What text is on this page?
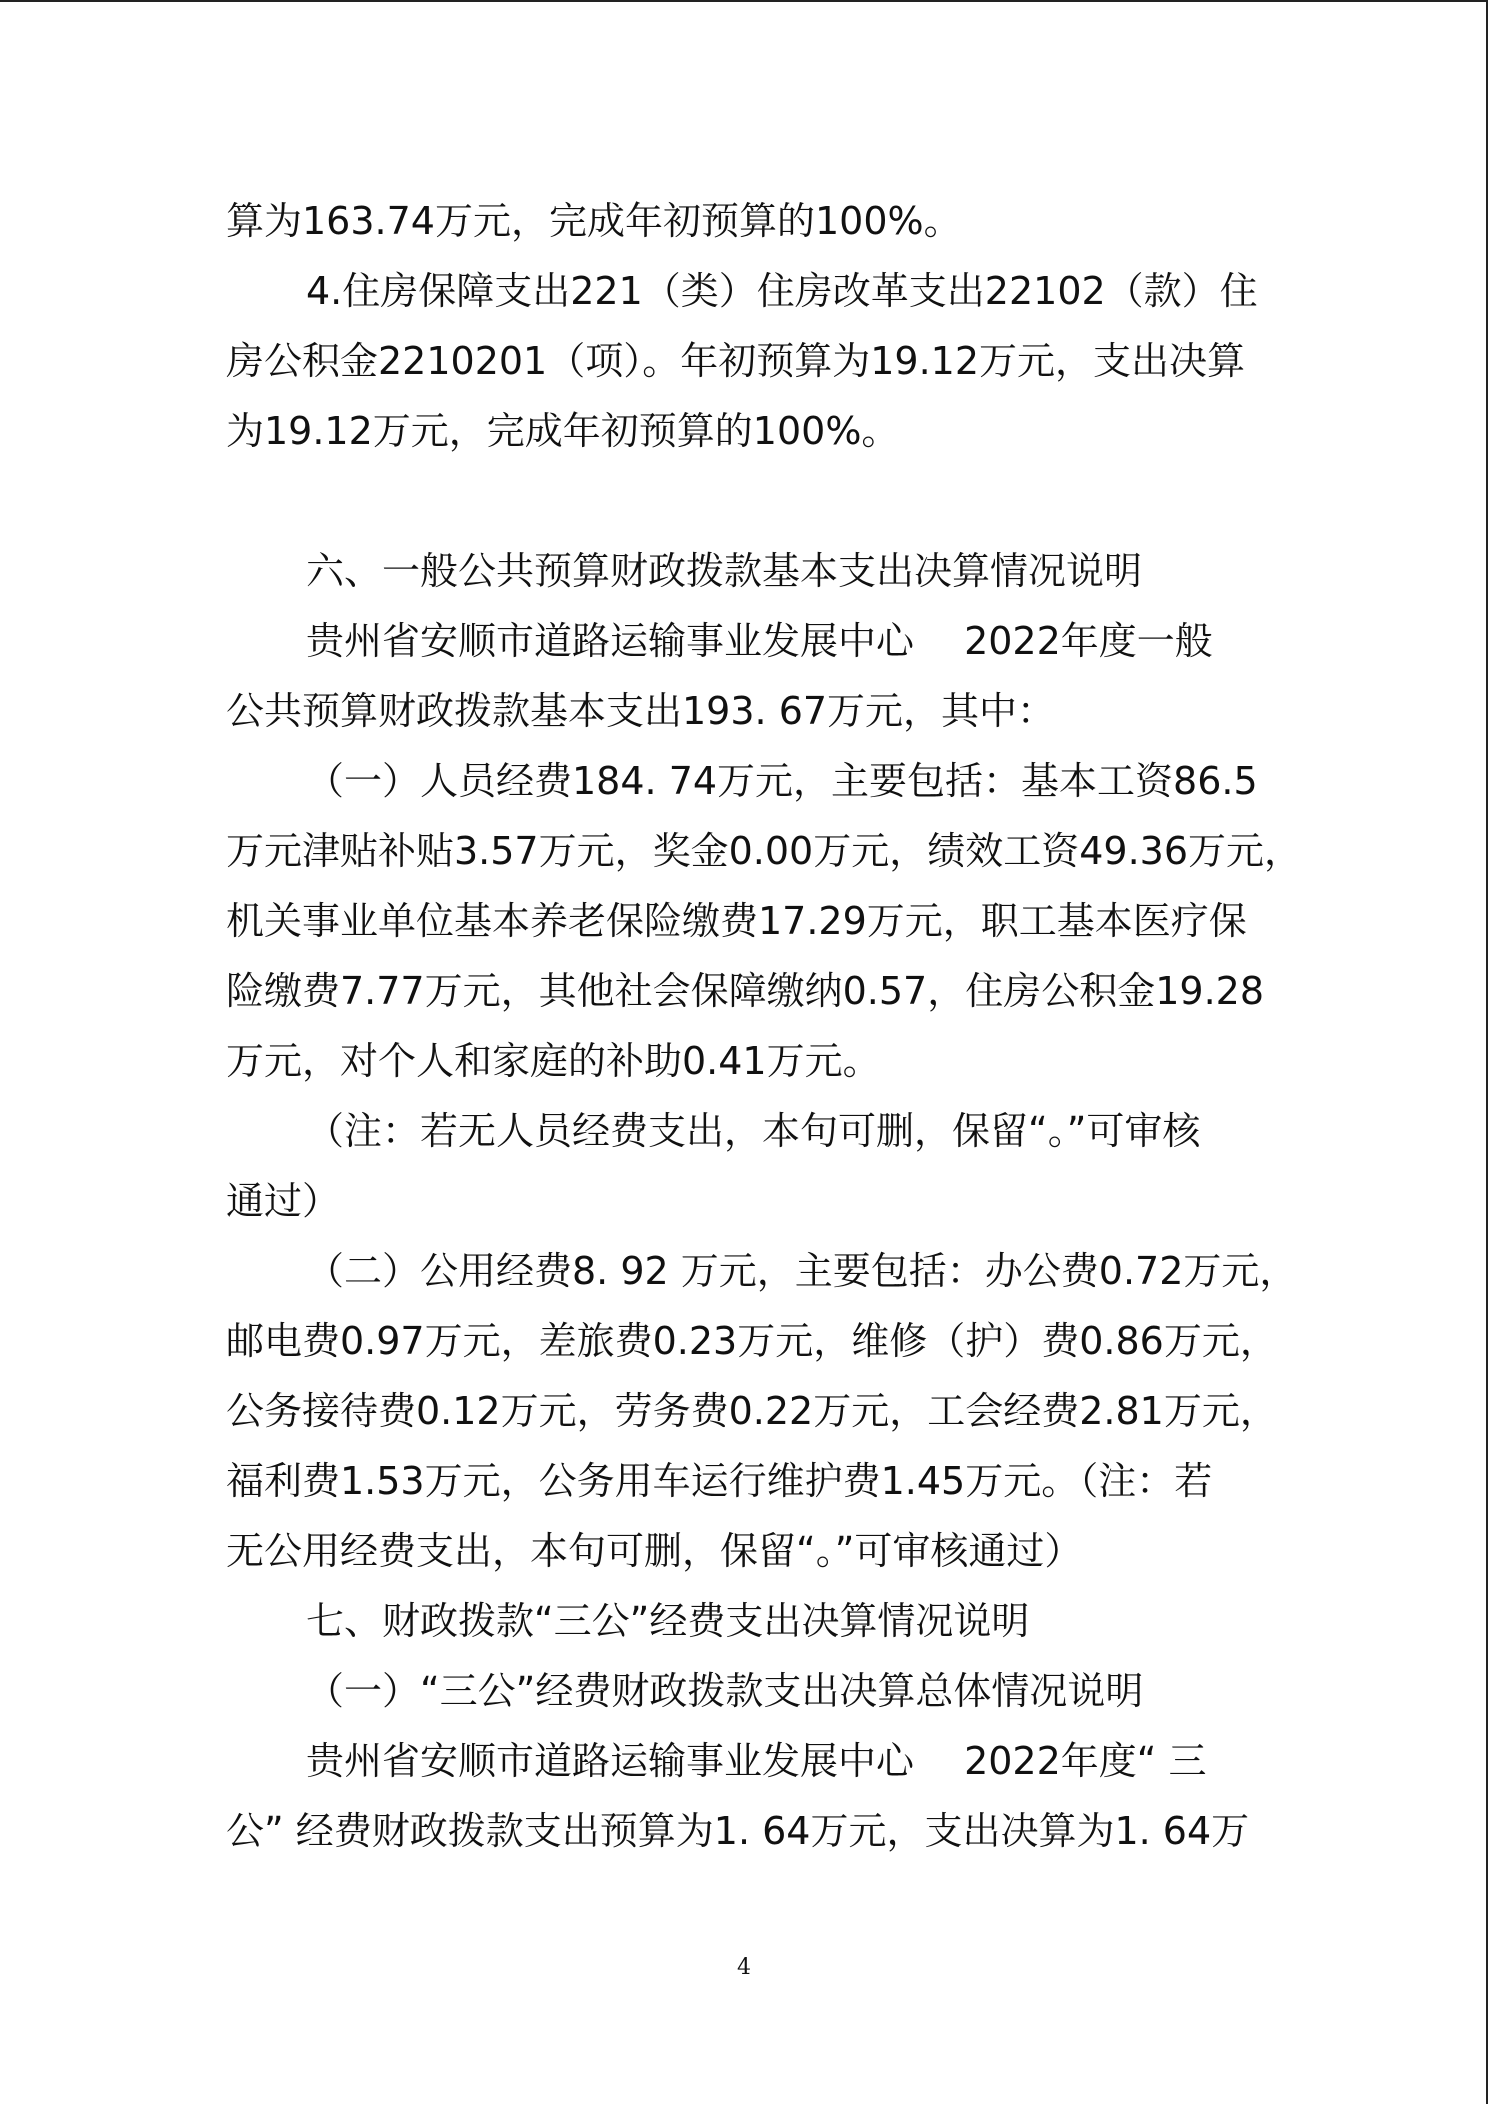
算为163.74万元，完成年初预算的100%。
4.住房保障支出221（类）住房改革支出22102（款）住
房公积金2210201（项）。年初预算为19.12万元，支出决算
为19.12万元，完成年初预算的100%。
六、一般公共预算财政拨款基本支出决算情况说明
贵州省安顺市道路运输事业发展中心　 2022年度一般
公共预算财政拨款基本支出193. 67万元，其中：
（一）人员经费184. 74万元，主要包括：基本工资86.5
万元津贴补贴3.57万元，奖金0.00万元，绩效工资49.36万元，
机关事业单位基本养老保险缴费17.29万元，职工基本医疗保
险缴费7.77万元，其他社会保障缴纳0.57，住房公积金19.28
万元，对个人和家庭的补助0.41万元。
（注：若无人员经费支出，本句可删，保留“。”可审核
通过）
（二）公用经费8. 92 万元，主要包括：办公费0.72万元，
邮电费0.97万元，差旅费0.23万元，维修（护）费0.86万元，
公务接待费0.12万元，劳务费0.22万元，工会经费2.81万元，
福利费1.53万元，公务用车运行维护费1.45万元。（注：若
无公用经费支出，本句可删，保留“。”可审核通过）
七、财政拨款“三公”经费支出决算情况说明
（一）“三公”经费财政拨款支出决算总体情况说明
贵州省安顺市道路运输事业发展中心　 2022年度“ 三
公” 经费财政拨款支出预算为1. 64万元，支出决算为1. 64万
4
